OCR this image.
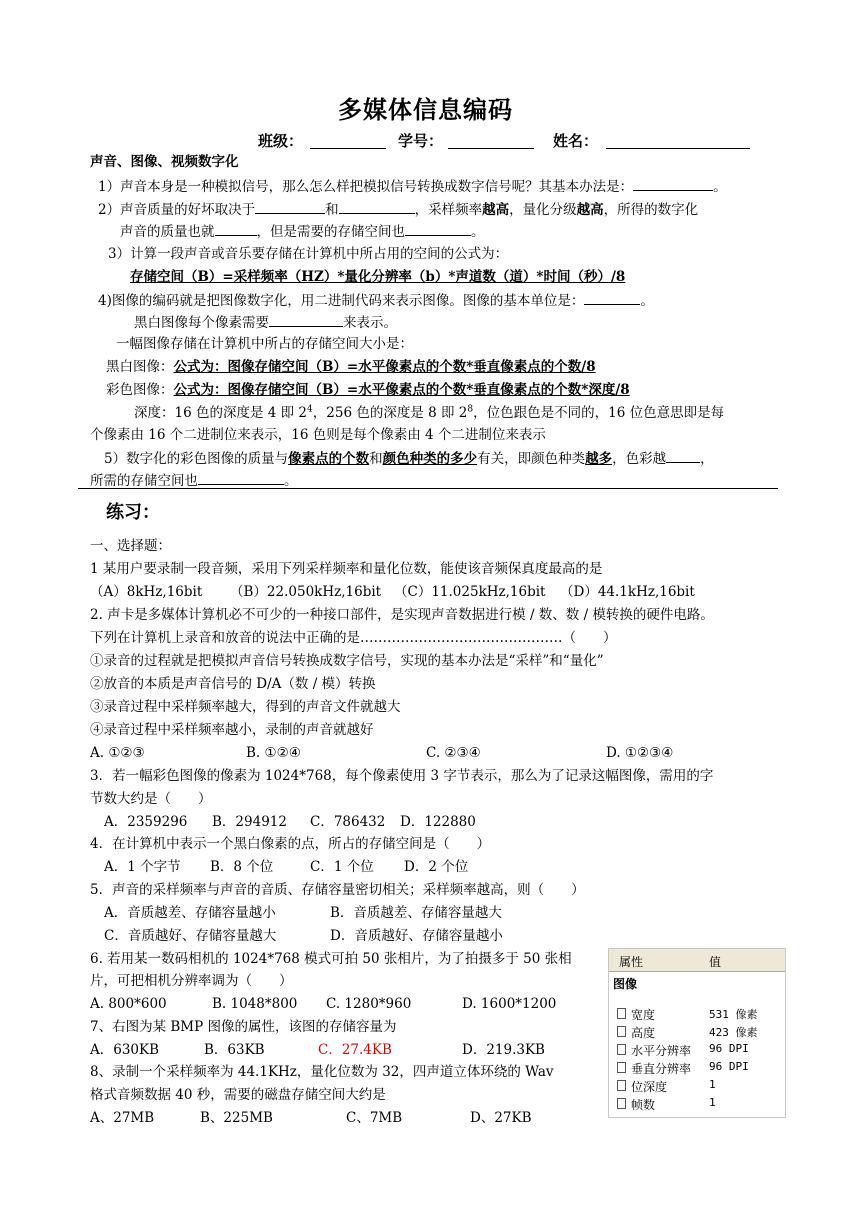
多媒体信息编码
班级：	学号：	姓名：
声音、图像、视频数字化
1）声音本身是一种模拟信号，那么怎么样把模拟信号转换成数字信号呢？其基本办法是：	。
2）声音质量的好坏取决于	和	，采样频率越高，量化分级越高，所得的数字化
声音的质量也就	，但是需要的存储空间也	。
3）计算一段声音或音乐要存储在计算机中所占用的空间的公式为：
存储空间（B）=采样频率（HZ）*量化分辨率（b）*声道数（道）*时间（秒）/8
4)图像的编码就是把图像数字化，用二进制代码来表示图像。图像的基本单位是：	。
黑白图像每个像素需要	来表示。
一幅图像存储在计算机中所占的存储空间大小是：
黑白图像：公式为：图像存储空间（B）=水平像素点的个数*垂直像素点的个数/8
彩色图像：公式为：图像存储空间（B）=水平像素点的个数*垂直像素点的个数*深度/8
深度：16 色的深度是 4 即 $2^4$，256 色的深度是 8 即 $2^8$，位色跟色是不同的，16 位色意思即是每
个像素由 16 个二进制位来表示，16 色则是每个像素由 4 个二进制位来表示
5）数字化的彩色图像的质量与像素点的个数和颜色种类的多少有关，即颜色种类越多，色彩越	，
所需的存储空间也	。
练习：
一、选择题：
1 某用户要录制一段音频，采用下列采样频率和量化位数，能使该音频保真度最高的是
（A）8kHz,16bit （B）22.050kHz,16bit （C）11.025kHz,16bit （D）44.1kHz,16bit
2. 声卡是多媒体计算机必不可少的一种接口部件，是实现声音数据进行模 / 数、数 / 模转换的硬件电路。
下列在计算机上录音和放音的说法中正确的是………………………………………（　　）
①录音的过程就是把模拟声音信号转换成数字信号，实现的基本办法是“采样”和“量化”
②放音的本质是声音信号的 D/A（数 / 模）转换
③录音过程中采样频率越大，得到的声音文件就越大
④录音过程中采样频率越小，录制的声音就越好
A. ①②③	B. ①②④	C. ②③④	D. ①②③④
3．若一幅彩色图像的像素为 1024*768，每个像素使用 3 字节表示，那么为了记录这幅图像，需用的字
节数大约是（　　）
A．2359296 B．294912 C．786432 D．122880
4．在计算机中表示一个黑白像素的点，所占的存储空间是（　　）
A．1 个字节 B．8 个位	C．1 个位 D．2 个位
5．声音的采样频率与声音的音质、存储容量密切相关；采样频率越高，则（　　）
A．音质越差、存储容量越小	B．音质越差、存储容量越大
C．音质越好、存储容量越大	D．音质越好、存储容量越小
6. 若用某一数码相机的 1024*768 模式可拍 50 张相片，为了拍摄多于 50 张相
片，可把相机分辨率调为（　　）
A. 800*600	B. 1048*800 C. 1280*960	D. 1600*1200
7、右图为某 BMP 图像的属性，该图的存储容量为
A．630KB	B．63KB	C．27.4KB	D．219.3KB
8、录制一个采样频率为 44.1KHz，量化位数为 32，四声道立体环绕的 Wav
格式音频数据 40 秒，需要的磁盘存储空间大约是
A、27MB	B、225MB	C、7MB	D、27KB
属性	值
图像
宽度	531 像素
高度	423 像素
水平分辨率 96 DPI
垂直分辨率 96 DPI
位深度	1
帧数	1
